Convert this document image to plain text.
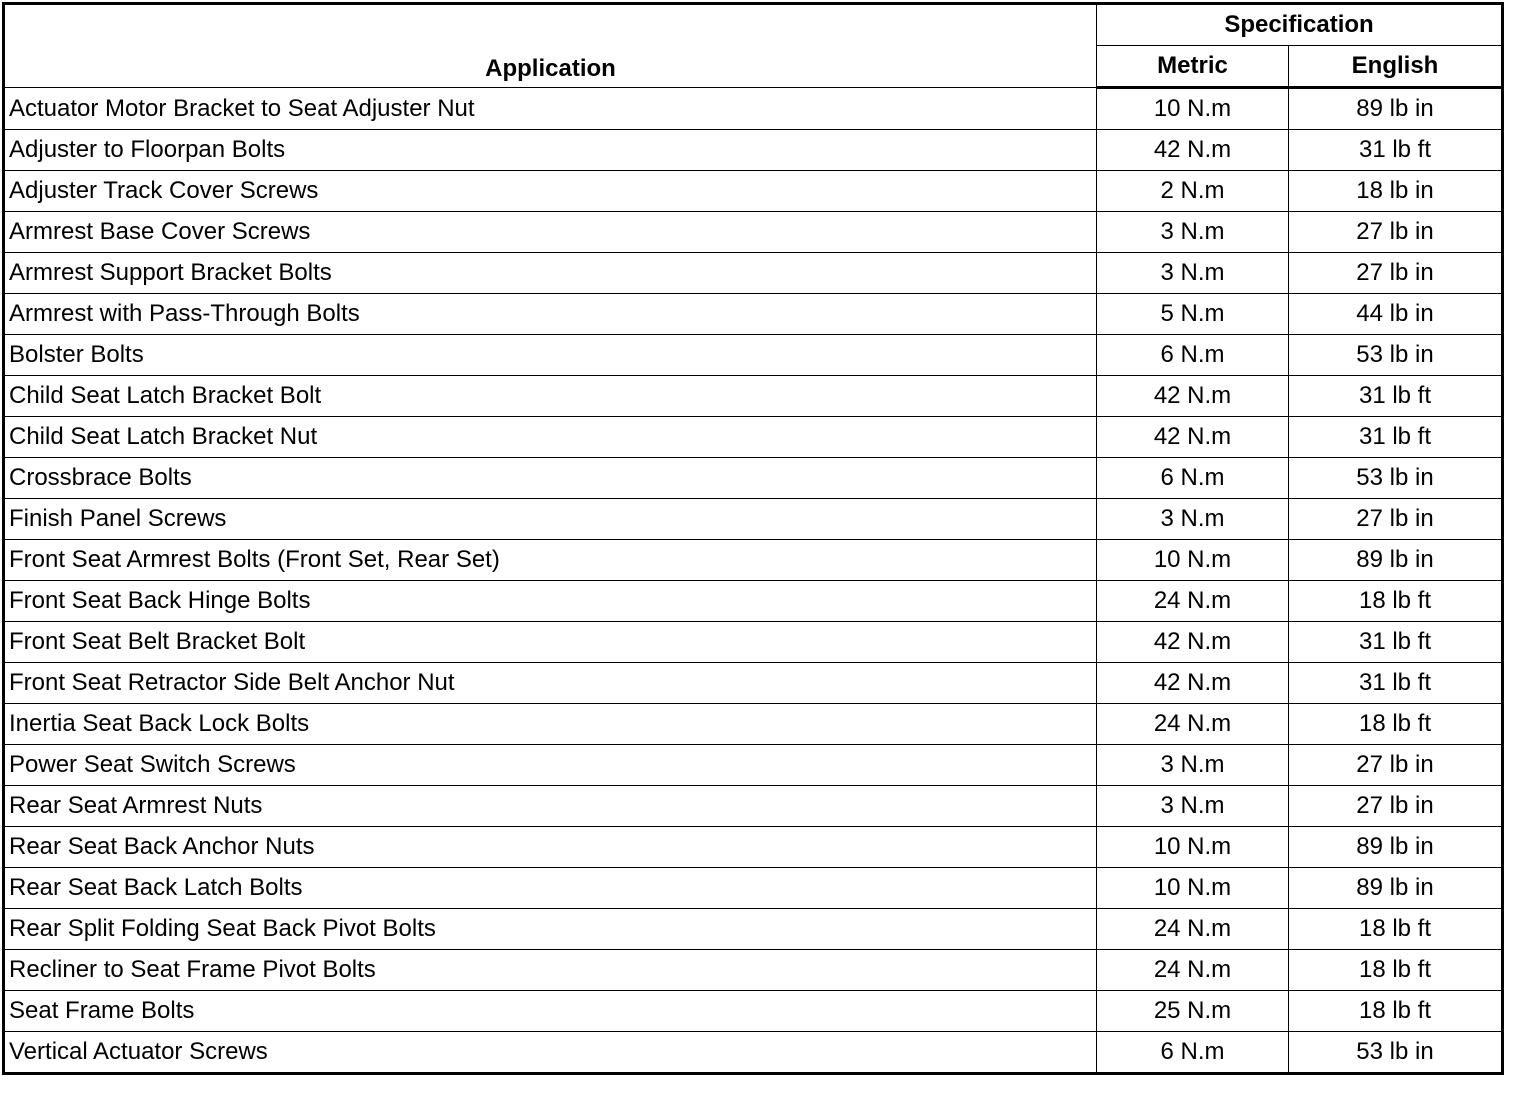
Application	Specification	
	Metric	English
Actuator Motor Bracket to Seat Adjuster Nut	10 N.m	89 lb in
Adjuster to Floorpan Bolts	42 N.m	31 lb ft
Adjuster Track Cover Screws	2 N.m	18 lb in
Armrest Base Cover Screws	3 N.m	27 lb in
Armrest Support Bracket Bolts	3 N.m	27 lb in
Armrest with Pass-Through Bolts	5 N.m	44 lb in
Bolster Bolts	6 N.m	53 lb in
Child Seat Latch Bracket Bolt	42 N.m	31 lb ft
Child Seat Latch Bracket Nut	42 N.m	31 lb ft
Crossbrace Bolts	6 N.m	53 lb in
Finish Panel Screws	3 N.m	27 lb in
Front Seat Armrest Bolts (Front Set, Rear Set)	10 N.m	89 lb in
Front Seat Back Hinge Bolts	24 N.m	18 lb ft
Front Seat Belt Bracket Bolt	42 N.m	31 lb ft
Front Seat Retractor Side Belt Anchor Nut	42 N.m	31 lb ft
Inertia Seat Back Lock Bolts	24 N.m	18 lb ft
Power Seat Switch Screws	3 N.m	27 lb in
Rear Seat Armrest Nuts	3 N.m	27 lb in
Rear Seat Back Anchor Nuts	10 N.m	89 lb in
Rear Seat Back Latch Bolts	10 N.m	89 lb in
Rear Split Folding Seat Back Pivot Bolts	24 N.m	18 lb ft
Recliner to Seat Frame Pivot Bolts	24 N.m	18 lb ft
Seat Frame Bolts	25 N.m	18 lb ft
Vertical Actuator Screws	6 N.m	53 lb in
